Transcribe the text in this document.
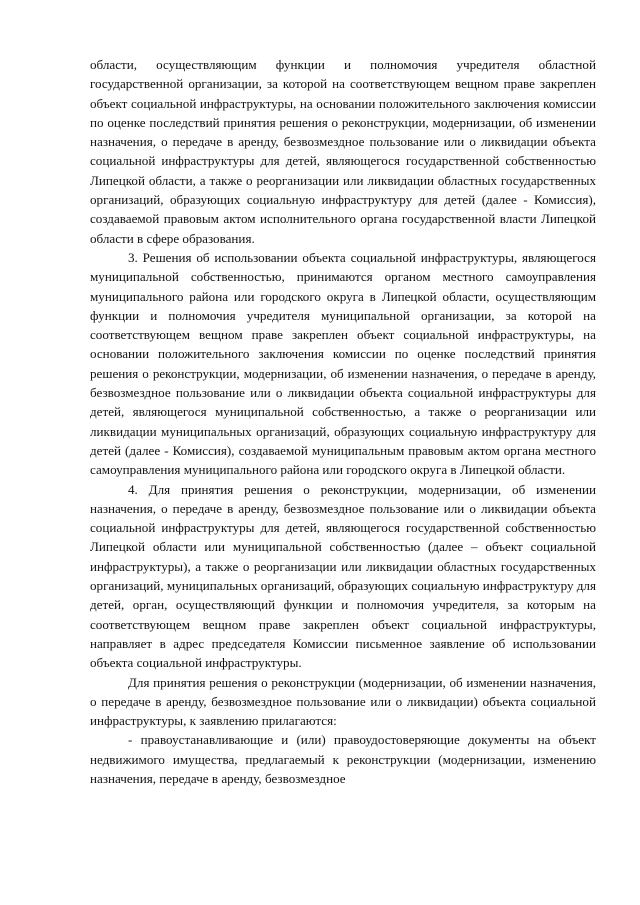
области, осуществляющим функции и полномочия учредителя областной государственной организации, за которой на соответствующем вещном праве закреплен объект социальной инфраструктуры, на основании положительного заключения комиссии по оценке последствий принятия решения о реконструкции, модернизации, об изменении назначения, о передаче в аренду, безвозмездное пользование или о ликвидации объекта социальной инфраструктуры для детей, являющегося государственной собственностью Липецкой области, а также о реорганизации или ликвидации областных государственных организаций, образующих социальную инфраструктуру для детей (далее - Комиссия), создаваемой правовым актом исполнительного органа государственной власти Липецкой области в сфере образования.

3. Решения об использовании объекта социальной инфраструктуры, являющегося муниципальной собственностью, принимаются органом местного самоуправления муниципального района или городского округа в Липецкой области, осуществляющим функции и полномочия учредителя муниципальной организации, за которой на соответствующем вещном праве закреплен объект социальной инфраструктуры, на основании положительного заключения комиссии по оценке последствий принятия решения о реконструкции, модернизации, об изменении назначения, о передаче в аренду, безвозмездное пользование или о ликвидации объекта социальной инфраструктуры для детей, являющегося муниципальной собственностью, а также о реорганизации или ликвидации муниципальных организаций, образующих социальную инфраструктуру для детей (далее - Комиссия), создаваемой муниципальным правовым актом органа местного самоуправления муниципального района или городского округа в Липецкой области.

4. Для принятия решения о реконструкции, модернизации, об изменении назначения, о передаче в аренду, безвозмездное пользование или о ликвидации объекта социальной инфраструктуры для детей, являющегося государственной собственностью Липецкой области или муниципальной собственностью (далее – объект социальной инфраструктуры), а также о реорганизации или ликвидации областных государственных организаций, муниципальных организаций, образующих социальную инфраструктуру для детей, орган, осуществляющий функции и полномочия учредителя, за которым на соответствующем вещном праве закреплен объект социальной инфраструктуры, направляет в адрес председателя Комиссии письменное заявление об использовании объекта социальной инфраструктуры.

Для принятия решения о реконструкции (модернизации, об изменении назначения, о передаче в аренду, безвозмездное пользование или о ликвидации) объекта социальной инфраструктуры, к заявлению прилагаются:

- правоустанавливающие и (или) правоудостоверяющие документы на объект недвижимого имущества, предлагаемый к реконструкции (модернизации, изменению назначения, передаче в аренду, безвозмездное
